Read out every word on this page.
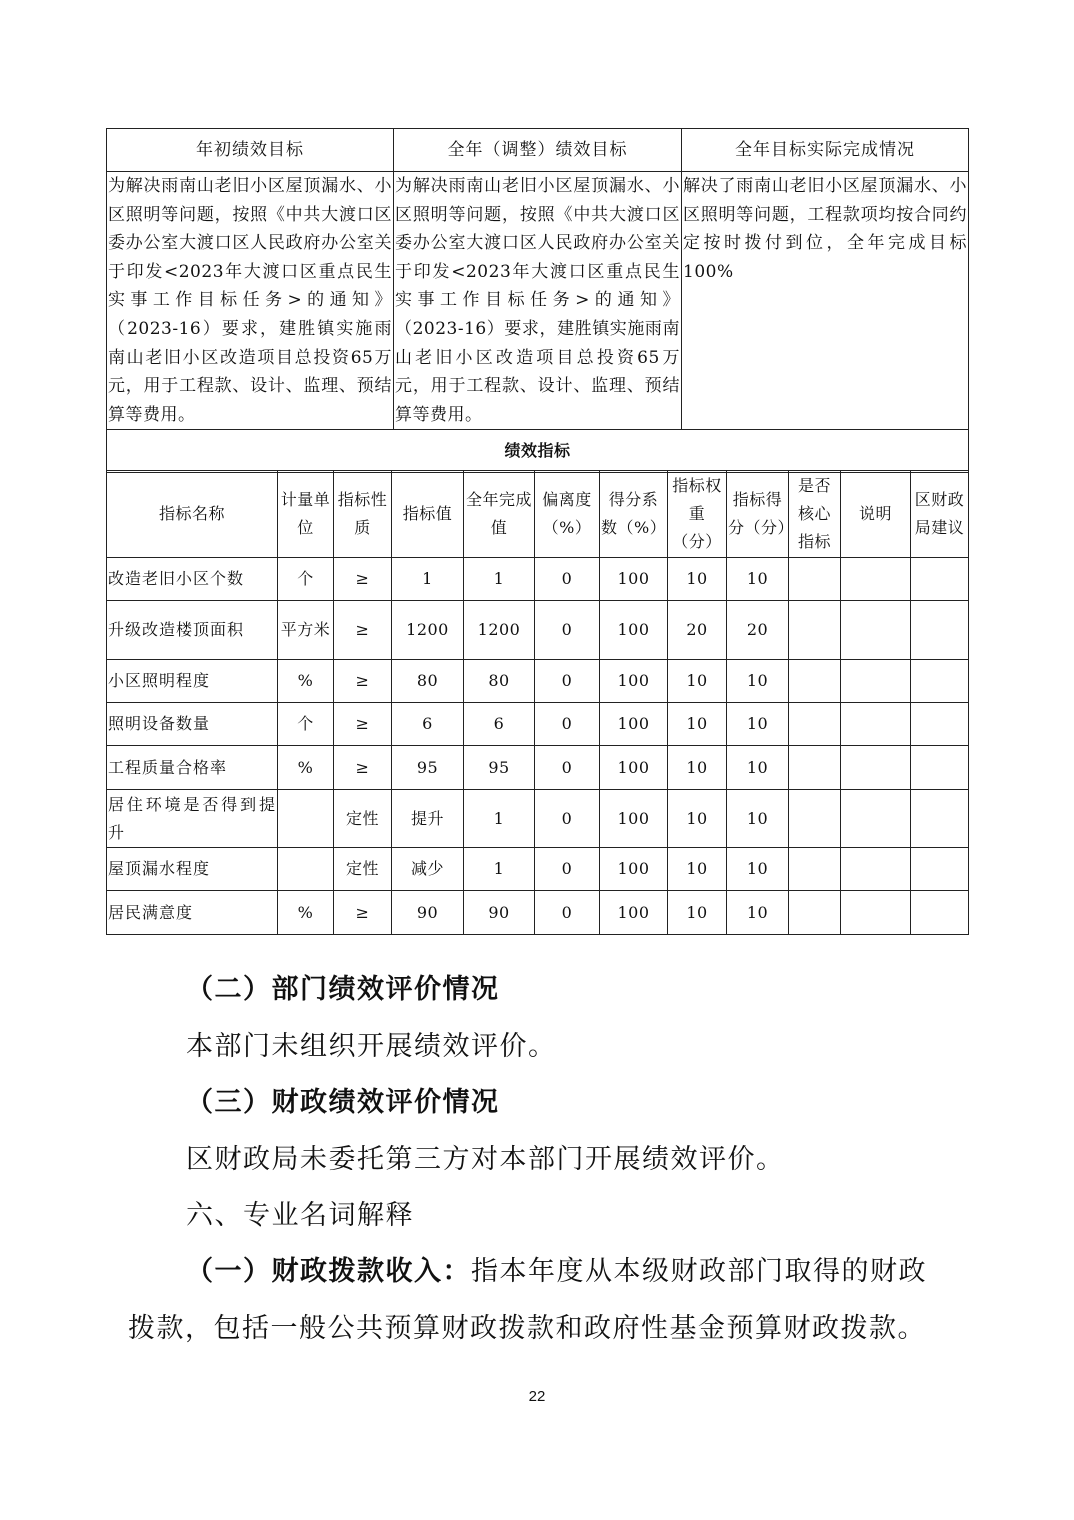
年初绩效目标	全年（调整）绩效目标	全年目标实际完成情况
为解决雨南山老旧小区屋顶漏水、小区照明等问题，按照《中共大渡口区委办公室大渡口区人民政府办公室关于印发<2023年大渡口区重点民生实事工作目标任务>的通知》（2023-16）要求，建胜镇实施雨南山老旧小区改造项目总投资65万元，用于工程款、设计、监理、预结算等费用。	为解决雨南山老旧小区屋顶漏水、小区照明等问题，按照《中共大渡口区委办公室大渡口区人民政府办公室关于印发<2023年大渡口区重点民生实事工作目标任务>的通知》（2023-16）要求，建胜镇实施雨南山老旧小区改造项目总投资65万元，用于工程款、设计、监理、预结算等费用。	解决了雨南山老旧小区屋顶漏水、小区照明等问题，工程款项均按合同约定按时拨付到位，全年完成目标100%
绩效指标		
指标名称	计量单位	指标性质	指标值	全年完成值	偏离度（%）	得分系数（%）	指标权重（分）	指标得分（分）	是否核心指标	说明	区财政局建议
改造老旧小区个数	个	≥	1	1	0	100	10	10			
升级改造楼顶面积	平方米	≥	1200	1200	0	100	20	20			
小区照明程度	%	≥	80	80	0	100	10	10			
照明设备数量	个	≥	6	6	0	100	10	10			
工程质量合格率	%	≥	95	95	0	100	10	10			
居住环境是否得到提升		定性	提升	1	0	100	10	10			
屋顶漏水程度		定性	减少	1	0	100	10	10			
居民满意度	%	≥	90	90	0	100	10	10			
（二）部门绩效评价情况
本部门未组织开展绩效评价。
（三）财政绩效评价情况
区财政局未委托第三方对本部门开展绩效评价。
六、专业名词解释
（一）财政拨款收入：指本年度从本级财政部门取得的财政
拨款，包括一般公共预算财政拨款和政府性基金预算财政拨款。
22
